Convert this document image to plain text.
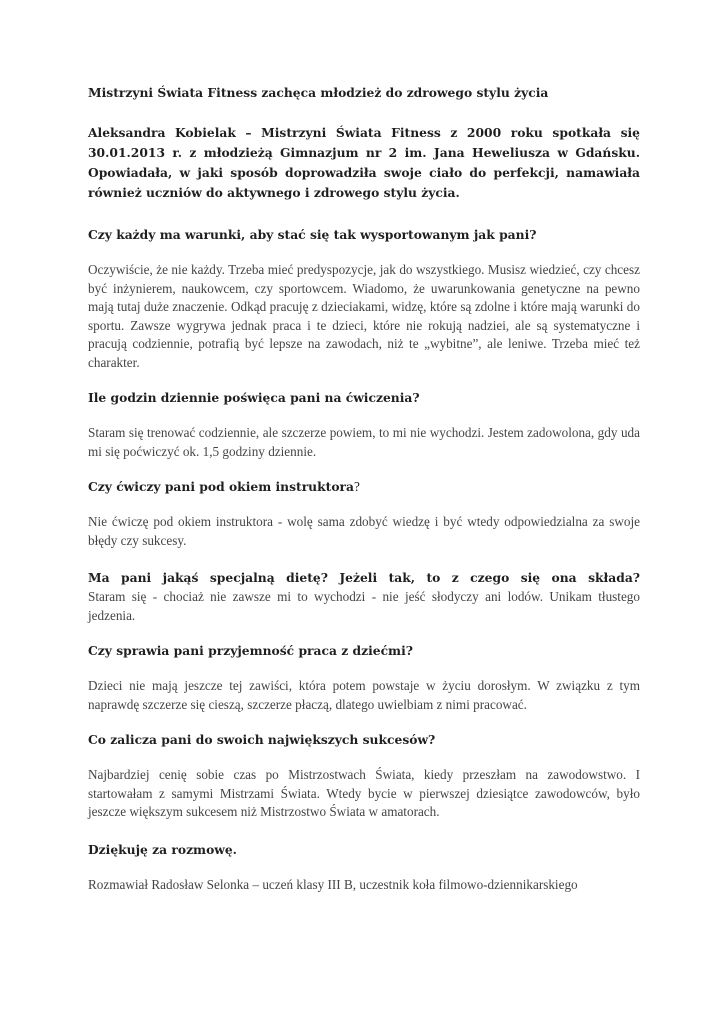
Mistrzyni Świata Fitness zachęca młodzież do zdrowego stylu życia

Aleksandra Kobielak – Mistrzyni Świata Fitness z 2000 roku spotkała się 30.01.2013 r. z młodzieżą Gimnazjum nr 2 im. Jana Heweliusza w Gdańsku. Opowiadała, w jaki sposób doprowadziła swoje ciało do perfekcji, namawiała również uczniów do aktywnego i zdrowego stylu życia.

Czy każdy ma warunki, aby stać się tak wysportowanym jak pani?

Oczywiście, że nie każdy. Trzeba mieć predyspozycje, jak do wszystkiego. Musisz wiedzieć, czy chcesz być inżynierem, naukowcem, czy sportowcem. Wiadomo, że uwarunkowania genetyczne na pewno mają tutaj duże znaczenie. Odkąd pracuję z dzieciakami, widzę, które są zdolne i które mają warunki do sportu. Zawsze wygrywa jednak praca i te dzieci, które nie rokują nadziei, ale są systematyczne i pracują codziennie, potrafią być lepsze na zawodach, niż te „wybitne”, ale leniwe. Trzeba mieć też charakter.

Ile godzin dziennie poświęca pani na ćwiczenia?

Staram się trenować codziennie, ale szczerze powiem, to mi nie wychodzi. Jestem zadowolona, gdy uda mi się poćwiczyć ok. 1,5 godziny dziennie.

Czy ćwiczy pani pod okiem instruktora?

Nie ćwiczę pod okiem instruktora - wolę sama zdobyć wiedzę i być wtedy odpowiedzialna za swoje błędy czy sukcesy.

Ma pani jakąś specjalną dietę? Jeżeli tak, to z czego się ona składa?

Staram się - chociaż nie zawsze mi to wychodzi - nie jeść słodyczy ani lodów. Unikam tłustego jedzenia.

Czy sprawia pani przyjemność praca z dziećmi?

Dzieci nie mają jeszcze tej zawiści, która potem powstaje w życiu dorosłym. W związku z tym naprawdę szczerze się cieszą, szczerze płaczą, dlatego uwielbiam z nimi pracować.

Co zalicza pani do swoich największych sukcesów?

Najbardziej cenię sobie czas po Mistrzostwach Świata, kiedy przeszłam na zawodowstwo. I startowałam z samymi Mistrzami Świata. Wtedy bycie w pierwszej dziesiątce zawodowców, było jeszcze większym sukcesem niż Mistrzostwo Świata w amatorach.

Dziękuję za rozmowę.

Rozmawiał Radosław Selonka – uczeń klasy III B, uczestnik koła filmowo-dziennikarskiego
